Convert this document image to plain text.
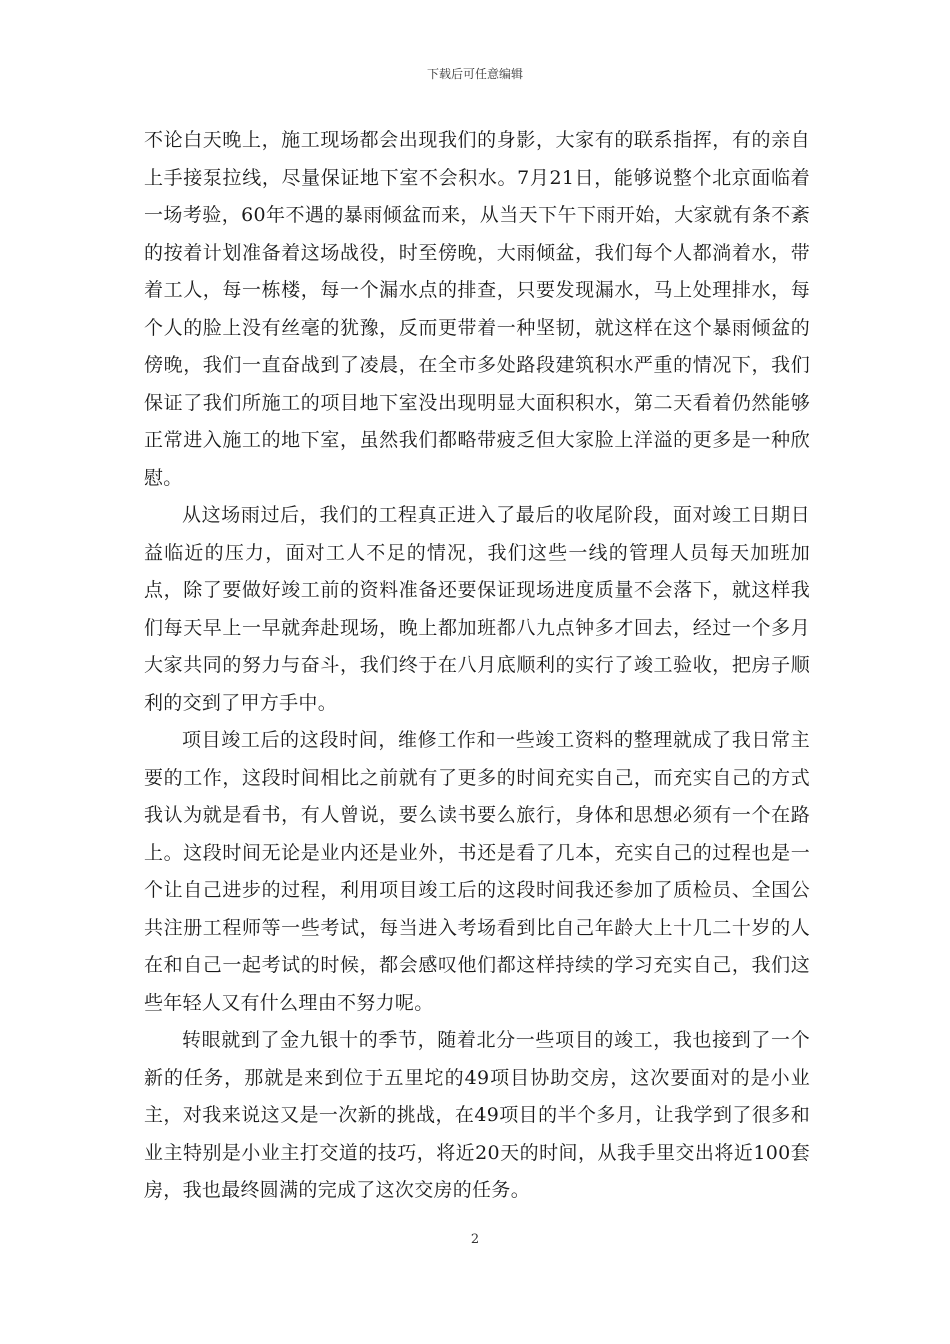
下载后可任意编辑

不论白天晚上，施工现场都会出现我们的身影，大家有的联系指挥，有的亲自上手接泵拉线，尽量保证地下室不会积水。7月21日，能够说整个北京面临着一场考验，60年不遇的暴雨倾盆而来，从当天下午下雨开始，大家就有条不紊的按着计划准备着这场战役，时至傍晚，大雨倾盆，我们每个人都淌着水，带着工人，每一栋楼，每一个漏水点的排查，只要发现漏水，马上处理排水，每个人的脸上没有丝毫的犹豫，反而更带着一种坚韧，就这样在这个暴雨倾盆的傍晚，我们一直奋战到了凌晨，在全市多处路段建筑积水严重的情况下，我们保证了我们所施工的项目地下室没出现明显大面积积水，第二天看着仍然能够正常进入施工的地下室，虽然我们都略带疲乏但大家脸上洋溢的更多是一种欣慰。

从这场雨过后，我们的工程真正进入了最后的收尾阶段，面对竣工日期日益临近的压力，面对工人不足的情况，我们这些一线的管理人员每天加班加点，除了要做好竣工前的资料准备还要保证现场进度质量不会落下，就这样我们每天早上一早就奔赴现场，晚上都加班都八九点钟多才回去，经过一个多月大家共同的努力与奋斗，我们终于在八月底顺利的实行了竣工验收，把房子顺利的交到了甲方手中。

项目竣工后的这段时间，维修工作和一些竣工资料的整理就成了我日常主要的工作，这段时间相比之前就有了更多的时间充实自己，而充实自己的方式我认为就是看书，有人曾说，要么读书要么旅行，身体和思想必须有一个在路上。这段时间无论是业内还是业外，书还是看了几本，充实自己的过程也是一个让自己进步的过程，利用项目竣工后的这段时间我还参加了质检员、全国公共注册工程师等一些考试，每当进入考场看到比自己年龄大上十几二十岁的人在和自己一起考试的时候，都会感叹他们都这样持续的学习充实自己，我们这些年轻人又有什么理由不努力呢。

转眼就到了金九银十的季节，随着北分一些项目的竣工，我也接到了一个新的任务，那就是来到位于五里坨的49项目协助交房，这次要面对的是小业主，对我来说这又是一次新的挑战，在49项目的半个多月，让我学到了很多和业主特别是小业主打交道的技巧，将近20天的时间，从我手里交出将近100套房，我也最终圆满的完成了这次交房的任务。

2
